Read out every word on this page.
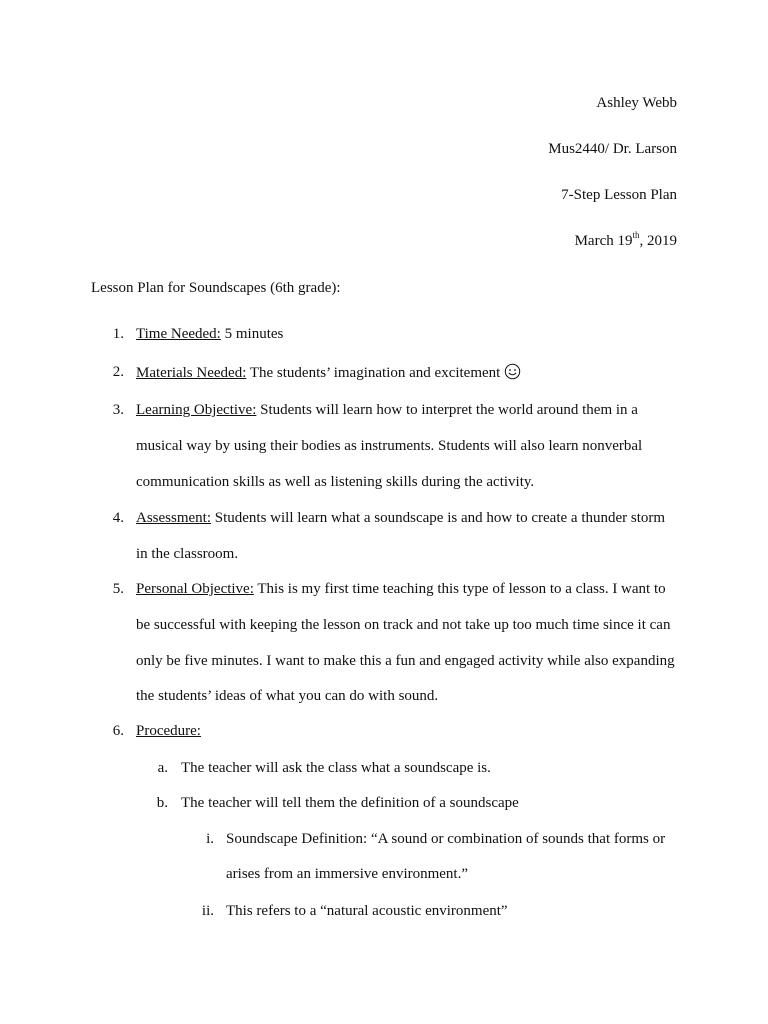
Ashley Webb
Mus2440/ Dr. Larson
7-Step Lesson Plan
March 19th, 2019
Lesson Plan for Soundscapes (6th grade):
1. Time Needed: 5 minutes
2. Materials Needed: The students’ imagination and excitement
3. Learning Objective: Students will learn how to interpret the world around them in a
musical way by using their bodies as instruments. Students will also learn nonverbal
communication skills as well as listening skills during the activity.
4. Assessment: Students will learn what a soundscape is and how to create a thunder storm
in the classroom.
5. Personal Objective: This is my first time teaching this type of lesson to a class. I want to
be successful with keeping the lesson on track and not take up too much time since it can
only be five minutes. I want to make this a fun and engaged activity while also expanding
the students’ ideas of what you can do with sound.
6. Procedure:
a. The teacher will ask the class what a soundscape is.
b. The teacher will tell them the definition of a soundscape
i. Soundscape Definition: “A sound or combination of sounds that forms or
arises from an immersive environment.”
ii. This refers to a “natural acoustic environment”
